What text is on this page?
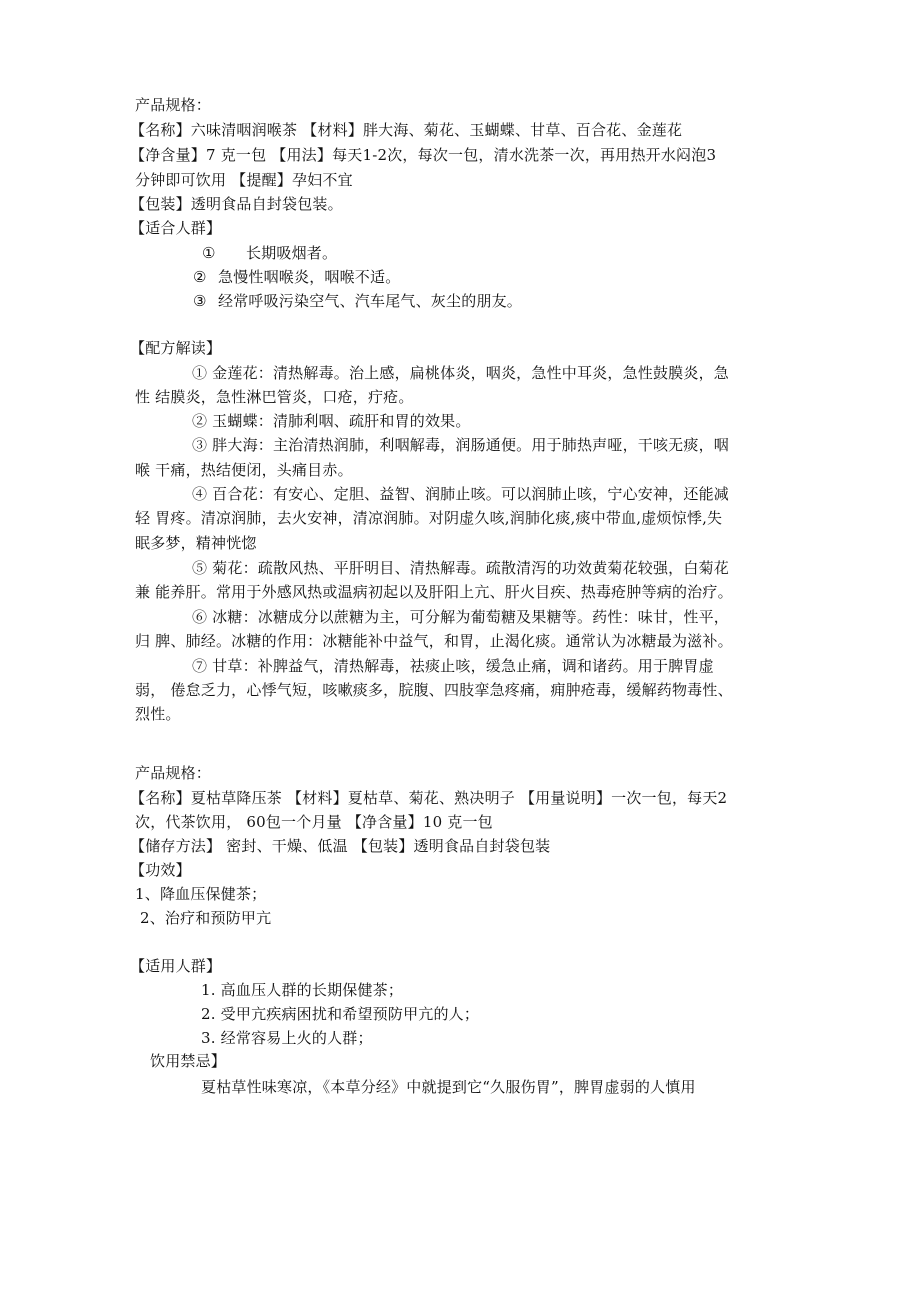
产品规格：
【名称】六味清咽润喉茶 【材料】胖大海、菊花、玉蝴蝶、甘草、百合花、金莲花
【净含量】7 克一包 【用法】每天1-2次，每次一包，清水洗茶一次，再用热开水闷泡3
分钟即可饮用 【提醒】孕妇不宜
【包装】透明食品自封袋包装。
【适合人群】
① 长期吸烟者。
② 急慢性咽喉炎，咽喉不适。
③ 经常呼吸污染空气、汽车尾气、灰尘的朋友。
【配方解读】
① 金莲花：清热解毒。治上感，扁桃体炎，咽炎，急性中耳炎，急性鼓膜炎，急
性 结膜炎，急性淋巴管炎，口疮，疔疮。
② 玉蝴蝶：清肺利咽、疏肝和胃的效果。
③ 胖大海：主治清热润肺，利咽解毒，润肠通便。用于肺热声哑，干咳无痰，咽
喉 干痛，热结便闭，头痛目赤。
④ 百合花：有安心、定胆、益智、润肺止咳。可以润肺止咳，宁心安神，还能减
轻 胃疼。清凉润肺，去火安神，清凉润肺。对阴虚久咳,润肺化痰,痰中带血,虚烦惊悸,失
眠多梦，精神恍惚
⑤ 菊花：疏散风热、平肝明目、清热解毒。疏散清泻的功效黄菊花较强，白菊花
兼 能养肝。常用于外感风热或温病初起以及肝阳上亢、肝火目疾、热毒疮肿等病的治疗。
⑥ 冰糖：冰糖成分以蔗糖为主，可分解为葡萄糖及果糖等。药性：味甘，性平，
归 脾、肺经。冰糖的作用：冰糖能补中益气，和胃，止渴化痰。通常认为冰糖最为滋补。
⑦ 甘草：补脾益气，清热解毒，祛痰止咳，缓急止痛，调和诸药。用于脾胃虚
弱， 倦怠乏力，心悸气短，咳嗽痰多，脘腹、四肢挛急疼痛，痈肿疮毒，缓解药物毒性、
烈性。
产品规格：
【名称】夏枯草降压茶 【材料】夏枯草、菊花、熟决明子 【用量说明】一次一包，每天2
次，代茶饮用， 60包一个月量 【净含量】10 克一包
【储存方法】 密封、干燥、低温 【包装】透明食品自封袋包装
【功效】
1、降血压保健茶；
2、治疗和预防甲亢
【适用人群】
1. 高血压人群的长期保健茶；
2. 受甲亢疾病困扰和希望预防甲亢的人；
3. 经常容易上火的人群；
饮用禁忌】
夏枯草性味寒凉，《本草分经》中就提到它“久服伤胃”，脾胃虚弱的人慎用
